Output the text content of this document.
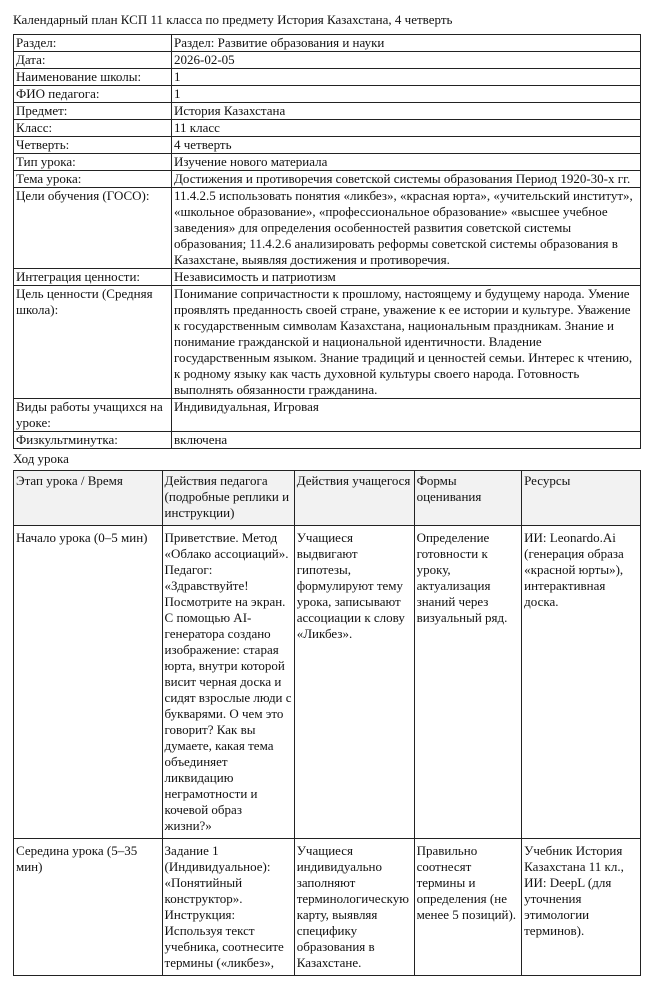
Календарный план КСП 11 класса по предмету История Казахстана, 4 четверть
Раздел:	Раздел: Развитие образования и науки
Дата:	2026-02-05
Наименование школы:	1
ФИО педагога:	1
Предмет:	История Казахстана
Класс:	11 класс
Четверть:	4 четверть
Тип урока:	Изучение нового материала
Тема урока:	Достижения и противоречия советской системы образования Период 1920-30-х гг.
Цели обучения (ГОСО):	11.4.2.5 использовать понятия «ликбез», «красная юрта», «учительский институт», «школьное образование», «профессиональное образование» «высшее учебное заведения» для определения особенностей развития советской системы образования; 11.4.2.6 анализировать реформы советской системы образования в Казахстане, выявляя достижения и противоречия.
Интеграция ценности:	Независимость и патриотизм
Цель ценности (Средняя школа):	Понимание сопричастности к прошлому, настоящему и будущему народа. Умение проявлять преданность своей стране, уважение к ее истории и культуре. Уважение к государственным символам Казахстана, национальным праздникам. Знание и понимание гражданской и национальной идентичности. Владение государственным языком. Знание традиций и ценностей семьи. Интерес к чтению, к родному языку как часть духовной культуры своего народа. Готовность выполнять обязанности гражданина.
Виды работы учащихся на уроке:	Индивидуальная, Игровая
Физкультминутка:	включена
Ход урока
Этап урока / Время	Действия педагога (подробные реплики и инструкции)	Действия учащегося	Формы оценивания	Ресурсы
Начало урока (0–5 мин)	Приветствие. Метод «Облако ассоциаций». Педагог: «Здравствуйте! Посмотрите на экран. С помощью AI-генератора создано изображение: старая юрта, внутри которой висит черная доска и сидят взрослые люди с букварями. О чем это говорит? Как вы думаете, какая тема объединяет ликвидацию неграмотности и кочевой образ жизни?»	Учащиеся выдвигают гипотезы, формулируют тему урока, записывают ассоциации к слову «Ликбез».	Определение готовности к уроку, актуализация знаний через визуальный ряд.	ИИ: Leonardo.Ai (генерация образа «красной юрты»), интерактивная доска.
Середина урока (5–35 мин)	Задание 1 (Индивидуальное): «Понятийный конструктор». Инструкция: Используя текст учебника, соотнесите термины («ликбез»,	Учащиеся индивидуально заполняют терминологическую карту, выявляя специфику образования в Казахстане.	Правильно соотнесят термины и определения (не менее 5 позиций).	Учебник История Казахстана 11 кл., ИИ: DeepL (для уточнения этимологии терминов).
